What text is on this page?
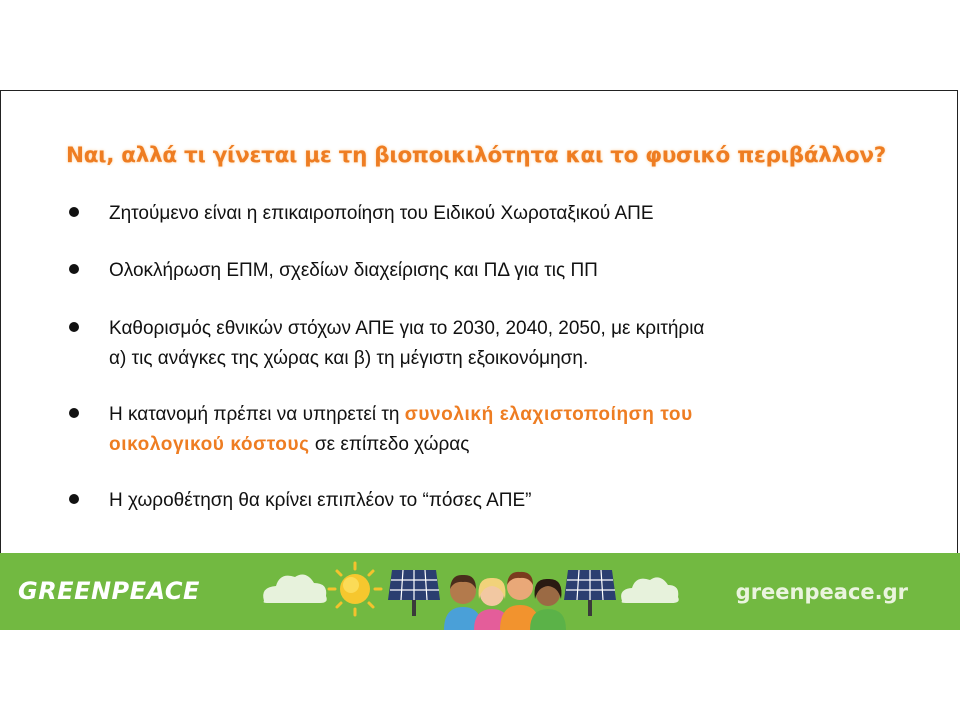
Ναι, αλλά τι γίνεται με τη βιοποικιλότητα και το φυσικό περιβάλλον?
Ζητούμενο είναι η επικαιροποίηση του Ειδικού Χωροταξικού ΑΠΕ
Ολοκλήρωση ΕΠΜ, σχεδίων διαχείρισης και ΠΔ για τις ΠΠ
Καθορισμός εθνικών στόχων ΑΠΕ για το 2030, 2040, 2050, με κριτήρια
α) τις ανάγκες της χώρας και β) τη μέγιστη εξοικονόμηση.
Η κατανομή πρέπει να υπηρετεί τη συνολική ελαχιστοποίηση του
οικολογικού κόστους σε επίπεδο χώρας
Η χωροθέτηση θα κρίνει επιπλέον το “πόσες ΑΠΕ”
GREENPEACE	greenpeace.gr
